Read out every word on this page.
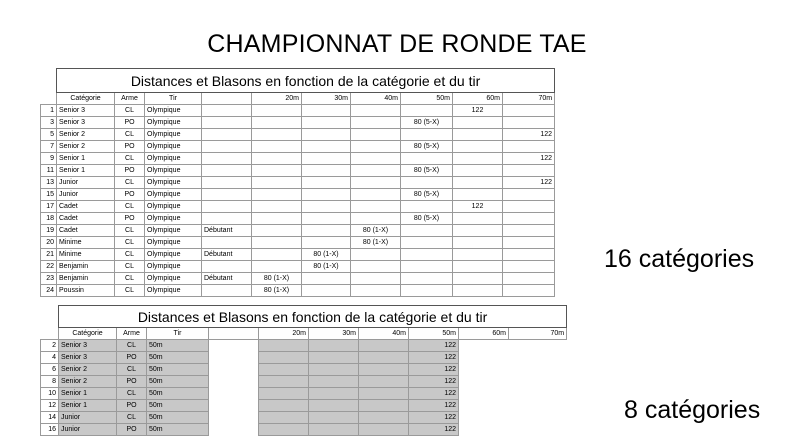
CHAMPIONNAT DE RONDE TAE
	Distances et Blasons en fonction de la catégorie et du tir									
	Catégorie	Arme	Tir		20m	30m	40m	50m	60m	70m
1	Senior 3	CL	Olympique						122	
3	Senior 3	PO	Olympique					80 (5-X)		
5	Senior 2	CL	Olympique							122
7	Senior 2	PO	Olympique					80 (5-X)		
9	Senior 1	CL	Olympique							122
11	Senior 1	PO	Olympique					80 (5-X)		
13	Junior	CL	Olympique							122
15	Junior	PO	Olympique					80 (5-X)		
17	Cadet	CL	Olympique						122	
18	Cadet	PO	Olympique					80 (5-X)		
19	Cadet	CL	Olympique	Débutant			80 (1-X)			
20	Minime	CL	Olympique				80 (1-X)			
21	Minime	CL	Olympique	Débutant		80 (1-X)				
22	Benjamin	CL	Olympique			80 (1-X)				
23	Benjamin	CL	Olympique	Débutant	80 (1-X)					
24	Poussin	CL	Olympique		80 (1-X)					
16 catégories
	Distances et Blasons en fonction de la catégorie et du tir									
	Catégorie	Arme	Tir		20m	30m	40m	50m	60m	70m
2	Senior 3	CL	50m					122		
4	Senior 3	PO	50m					122		
6	Senior 2	CL	50m					122		
8	Senior 2	PO	50m					122		
10	Senior 1	CL	50m					122		
12	Senior 1	PO	50m					122		
14	Junior	CL	50m					122		
16	Junior	PO	50m					122		
8 catégories
